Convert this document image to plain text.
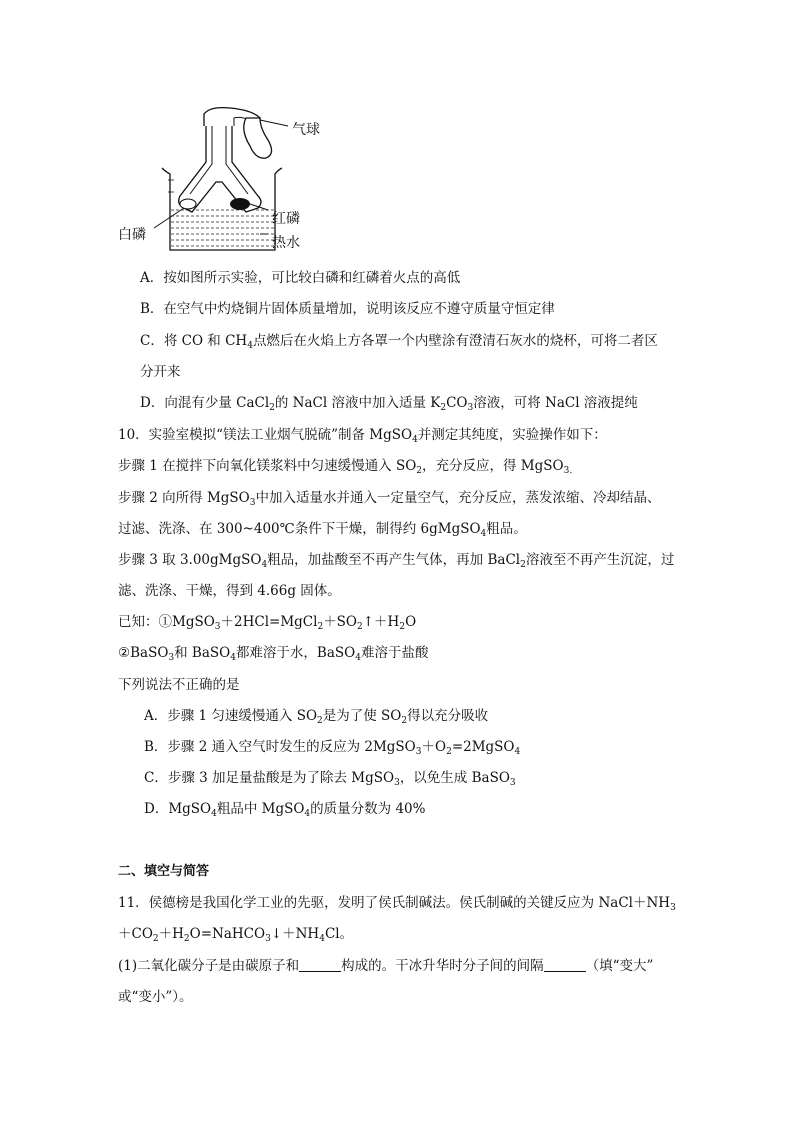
气球
红磷
白磷	热水
A．按如图所示实验，可比较白磷和红磷着火点的高低
B．在空气中灼烧铜片固体质量增加，说明该反应不遵守质量守恒定律
C．将 CO 和 $CH_4$点燃后在火焰上方各罩一个内壁涂有澄清石灰水的烧杯，可将二者区
分开来
D．向混有少量 CaCl$_2$的 NaCl 溶液中加入适量 $K_2CO_3$溶液，可将 NaCl 溶液提纯
10．实验室模拟“镁法工业烟气脱硫”制备 MgSO$_4$并测定其纯度，实验操作如下：
步骤 1 在搅拌下向氧化镁浆料中匀速缓慢通入 $SO_2$，充分反应，得 MgSO$_{3.}$
步骤 2 向所得 MgSO$_3$中加入适量水并通入一定量空气，充分反应，蒸发浓缩、冷却结晶、
过滤、洗涤、在 300~400℃条件下干燥，制得约 6gMgSO$_4$粗品。
步骤 3 取 3.00gMgSO$_4$粗品，加盐酸至不再产生气体，再加 BaCl$_2$溶液至不再产生沉淀，过
滤、洗涤、干燥，得到 4.66g 固体。
已知：$①MgSO_3+2HCl=MgCl_2+SO_2↑+H_2O$
②BaSO$_3$和 BaSO$_4$都难溶于水，BaSO$_4$难溶于盐酸
下列说法不正确的是
A．步骤 1 匀速缓慢通入 $SO_2$是为了使 $SO_2$得以充分吸收
B．步骤 2 通入空气时发生的反应为 $2MgSO_3+O_2=2MgSO_4$
C．步骤 3 加足量盐酸是为了除去 MgSO$_3$，以免生成 BaSO$_3$
D．MgSO$_4$粗品中 MgSO$_4$的质量分数为 40%
二、填空与简答
11．侯德榜是我国化学工业的先驱，发明了侯氏制碱法。侯氏制碱的关键反应为 $NaCl+NH_3$
$+CO_2+H_2O=NaHCO_3↓+NH_4Cl$。
(1)二氧化碳分子是由碳原子和	构成的。干冰升华时分子间的间隔	（填“变大”
或“变小”）。
